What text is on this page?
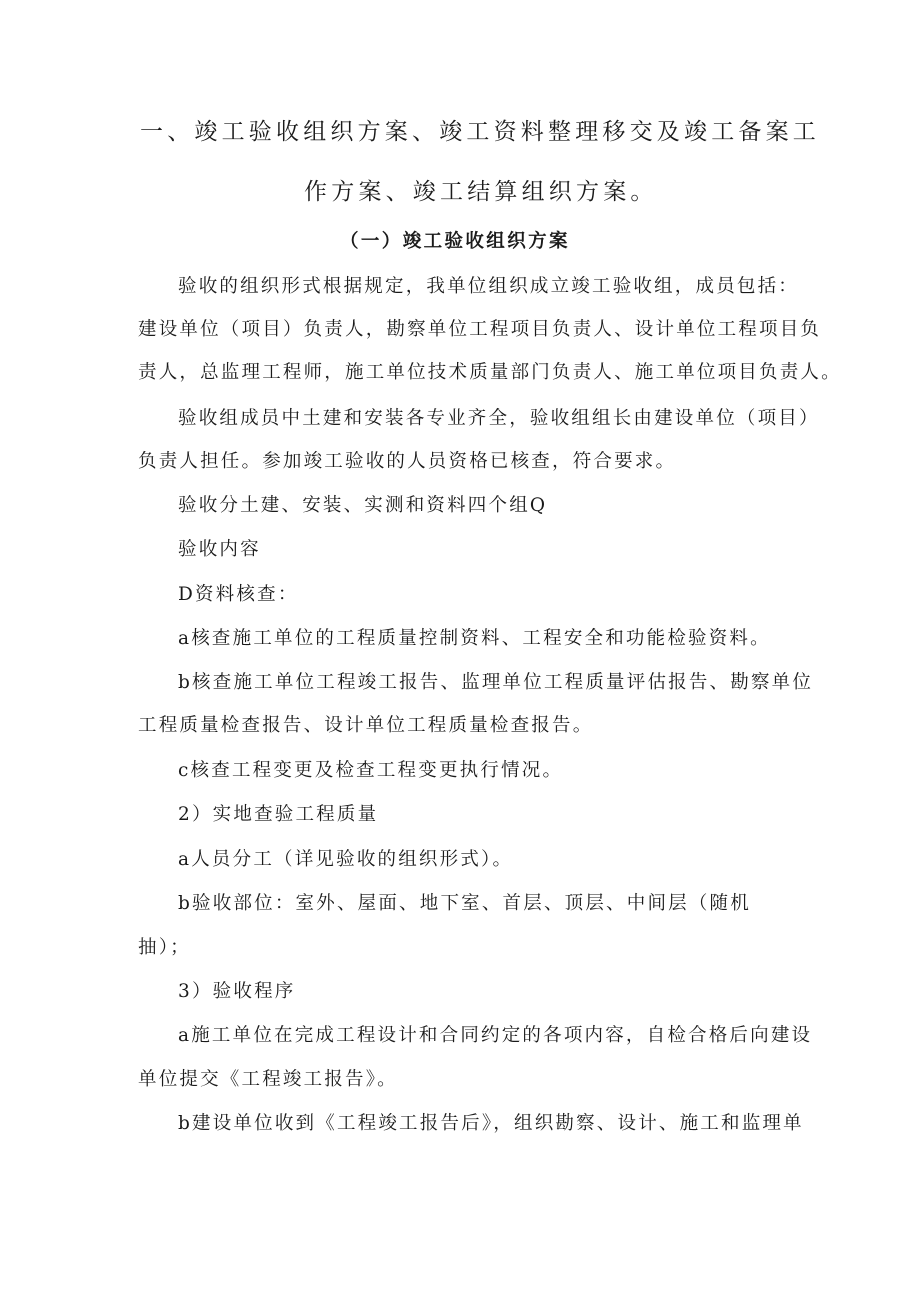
一、竣工验收组织方案、竣工资料整理移交及竣工备案工
作方案、竣工结算组织方案。
（一）竣工验收组织方案
验收的组织形式根据规定，我单位组织成立竣工验收组，成员包括：
建设单位（项目）负责人，勘察单位工程项目负责人、设计单位工程项目负
责人，总监理工程师，施工单位技术质量部门负责人、施工单位项目负责人。
验收组成员中土建和安装各专业齐全，验收组组长由建设单位（项目）
负责人担任。参加竣工验收的人员资格已核查，符合要求。
验收分土建、安装、实测和资料四个组Q
验收内容
D资料核查：
a核查施工单位的工程质量控制资料、工程安全和功能检验资料。
b核查施工单位工程竣工报告、监理单位工程质量评估报告、勘察单位
工程质量检查报告、设计单位工程质量检查报告。
c核查工程变更及检查工程变更执行情况。
2）实地查验工程质量
a人员分工（详见验收的组织形式）。
b验收部位：室外、屋面、地下室、首层、顶层、中间层（随机
抽）；
3）验收程序
a施工单位在完成工程设计和合同约定的各项内容，自检合格后向建设
单位提交《工程竣工报告》。
b建设单位收到《工程竣工报告后》，组织勘察、设计、施工和监理单
